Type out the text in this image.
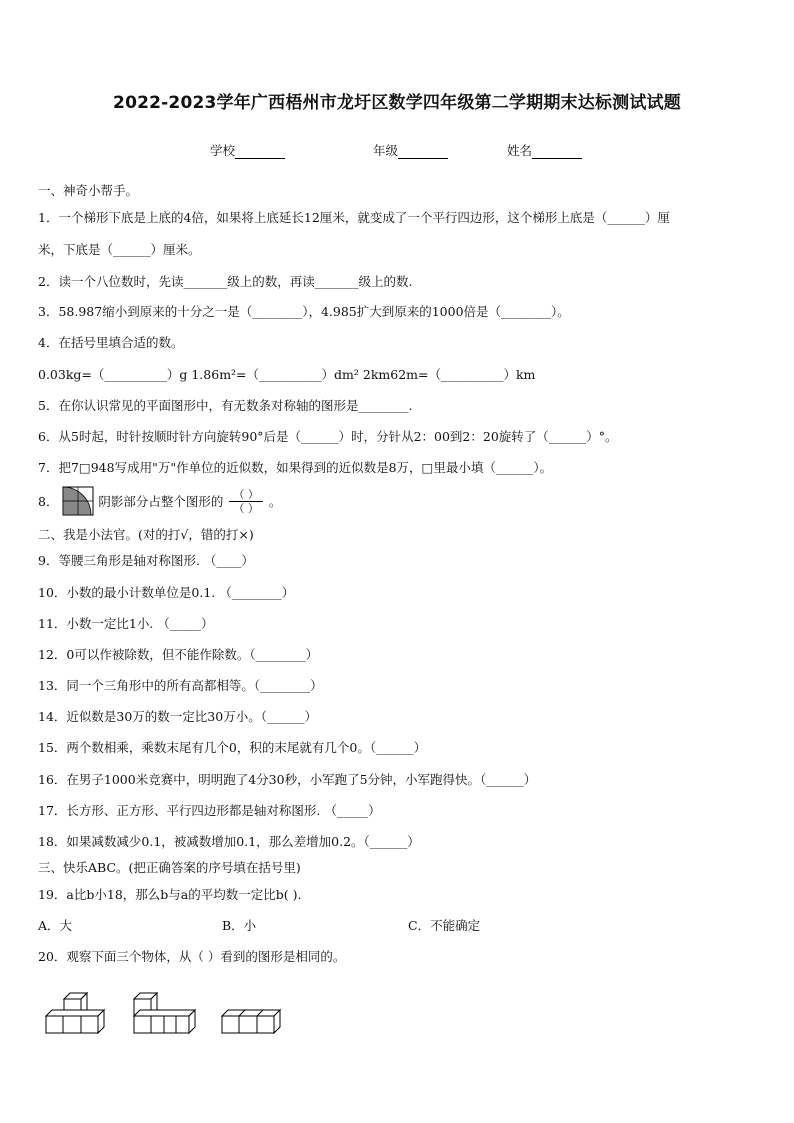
2022-2023学年广西梧州市龙圩区数学四年级第二学期期末达标测试试题
学校	年级	姓名
一、神奇小帮手。
1．一个梯形下底是上底的4倍，如果将上底延长12厘米，就变成了一个平行四边形，这个梯形上底是（______）厘
米，下底是（______）厘米。
2．读一个八位数时，先读_______级上的数，再读_______级上的数.
3．58.987缩小到原来的十分之一是（________），4.985扩大到原来的1000倍是（________）。
4．在括号里填合适的数。
0.03kg=（__________）g 1.86m²=（__________）dm² 2km62m=（__________）km
5．在你认识常见的平面图形中，有无数条对称轴的图形是________.
6．从5时起，时针按顺时针方向旋转90°后是（______）时，分针从2：00到2：20旋转了（______）°。
7．把7□948写成用"万"作单位的近似数，如果得到的近似数是8万，□里最小填（______）。
8．	阴影部分占整个图形的 $\frac{( )}{( )}$ 。
二、我是小法官。(对的打√，错的打×)
9．等腰三角形是轴对称图形. （____）
10．小数的最小计数单位是0.1. （________）
11．小数一定比1小. （_____）
12．0可以作被除数，但不能作除数。（________）
13．同一个三角形中的所有高都相等。（________）
14．近似数是30万的数一定比30万小。（______）
15．两个数相乘，乘数末尾有几个0，积的末尾就有几个0。（______）
16．在男子1000米竞赛中，明明跑了4分30秒，小军跑了5分钟，小军跑得快。（______）
17．长方形、正方形、平行四边形都是轴对称图形. （_____）
18．如果减数减少0.1，被减数增加0.1，那么差增加0.2。（______）
三、快乐ABC。(把正确答案的序号填在括号里)
19．a比b小18，那么b与a的平均数一定比b( ).
A．大	B．小	C．不能确定
20．观察下面三个物体，从（ ）看到的图形是相同的。
